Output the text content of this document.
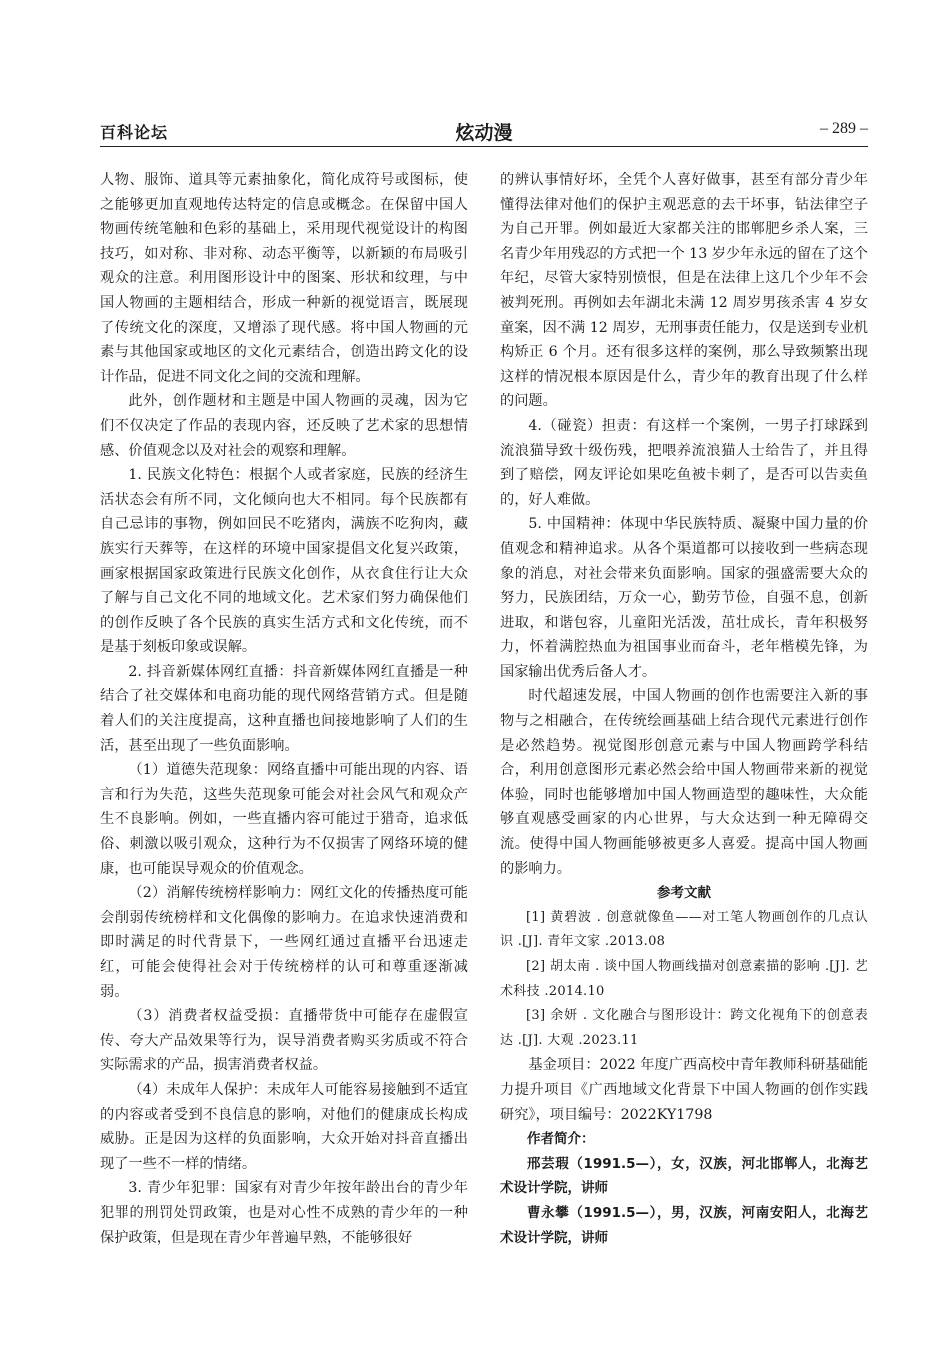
百科论坛	炫动漫	– 289 –

人物、服饰、道具等元素抽象化，简化成符号或图标，使之能够更加直观地传达特定的信息或概念。在保留中国人物画传统笔触和色彩的基础上，采用现代视觉设计的构图技巧，如对称、非对称、动态平衡等，以新颖的布局吸引观众的注意。利用图形设计中的图案、形状和纹理，与中国人物画的主题相结合，形成一种新的视觉语言，既展现了传统文化的深度，又增添了现代感。将中国人物画的元素与其他国家或地区的文化元素结合，创造出跨文化的设计作品，促进不同文化之间的交流和理解。

此外，创作题材和主题是中国人物画的灵魂，因为它们不仅决定了作品的表现内容，还反映了艺术家的思想情感、价值观念以及对社会的观察和理解。

1. 民族文化特色：根据个人或者家庭，民族的经济生活状态会有所不同，文化倾向也大不相同。每个民族都有自己忌讳的事物，例如回民不吃猪肉，满族不吃狗肉，藏族实行天葬等，在这样的环境中国家提倡文化复兴政策，画家根据国家政策进行民族文化创作，从衣食住行让大众了解与自己文化不同的地域文化。艺术家们努力确保他们的创作反映了各个民族的真实生活方式和文化传统，而不是基于刻板印象或误解。

2. 抖音新媒体网红直播：抖音新媒体网红直播是一种结合了社交媒体和电商功能的现代网络营销方式。但是随着人们的关注度提高，这种直播也间接地影响了人们的生活，甚至出现了一些负面影响。

（1）道德失范现象：网络直播中可能出现的内容、语言和行为失范，这些失范现象可能会对社会风气和观众产生不良影响。例如，一些直播内容可能过于猎奇，追求低俗、刺激以吸引观众，这种行为不仅损害了网络环境的健康，也可能误导观众的价值观念。

（2）消解传统榜样影响力：网红文化的传播热度可能会削弱传统榜样和文化偶像的影响力。在追求快速消费和即时满足的时代背景下，一些网红通过直播平台迅速走红，可能会使得社会对于传统榜样的认可和尊重逐渐减弱。

（3）消费者权益受损：直播带货中可能存在虚假宣传、夸大产品效果等行为，误导消费者购买劣质或不符合实际需求的产品，损害消费者权益。

（4）未成年人保护：未成年人可能容易接触到不适宜的内容或者受到不良信息的影响，对他们的健康成长构成威胁。正是因为这样的负面影响，大众开始对抖音直播出现了一些不一样的情绪。

3. 青少年犯罪：国家有对青少年按年龄出台的青少年犯罪的刑罚处罚政策，也是对心性不成熟的青少年的一种保护政策，但是现在青少年普遍早熟，不能够很好

的辨认事情好坏，全凭个人喜好做事，甚至有部分青少年懂得法律对他们的保护主观恶意的去干坏事，钻法律空子为自己开罪。例如最近大家都关注的邯郸肥乡杀人案，三名青少年用残忍的方式把一个 13 岁少年永远的留在了这个年纪，尽管大家特别愤恨，但是在法律上这几个少年不会被判死刑。再例如去年湖北未满 12 周岁男孩杀害 4 岁女童案，因不满 12 周岁，无刑事责任能力，仅是送到专业机构矫正 6 个月。还有很多这样的案例，那么导致频繁出现这样的情况根本原因是什么，青少年的教育出现了什么样的问题。

4.（碰瓷）担责：有这样一个案例，一男子打球踩到流浪猫导致十级伤残，把喂养流浪猫人士给告了，并且得到了赔偿，网友评论如果吃鱼被卡刺了，是否可以告卖鱼的，好人难做。

5. 中国精神：体现中华民族特质、凝聚中国力量的价值观念和精神追求。从各个渠道都可以接收到一些病态现象的消息，对社会带来负面影响。国家的强盛需要大众的努力，民族团结，万众一心，勤劳节俭，自强不息，创新进取，和谐包容，儿童阳光活泼，茁壮成长，青年积极努力，怀着满腔热血为祖国事业而奋斗，老年楷模先锋，为国家输出优秀后备人才。

时代超速发展，中国人物画的创作也需要注入新的事物与之相融合，在传统绘画基础上结合现代元素进行创作是必然趋势。视觉图形创意元素与中国人物画跨学科结合，利用创意图形元素必然会给中国人物画带来新的视觉体验，同时也能够增加中国人物画造型的趣味性，大众能够直观感受画家的内心世界，与大众达到一种无障碍交流。使得中国人物画能够被更多人喜爱。提高中国人物画的影响力。

参考文献

[1] 黄碧波 . 创意就像鱼——对工笔人物画创作的几点认识 .[J]. 青年文家 .2013.08

[2] 胡太南 . 谈中国人物画线描对创意素描的影响 .[J]. 艺术科技 .2014.10

[3] 余妍 . 文化融合与图形设计：跨文化视角下的创意表达 .[J]. 大观 .2023.11

基金项目：2022 年度广西高校中青年教师科研基础能力提升项目《广西地域文化背景下中国人物画的创作实践研究》，项目编号：2022KY1798

作者简介：

邢芸瑕（1991.5—），女，汉族，河北邯郸人，北海艺术设计学院，讲师

曹永攀（1991.5—），男，汉族，河南安阳人，北海艺术设计学院，讲师
